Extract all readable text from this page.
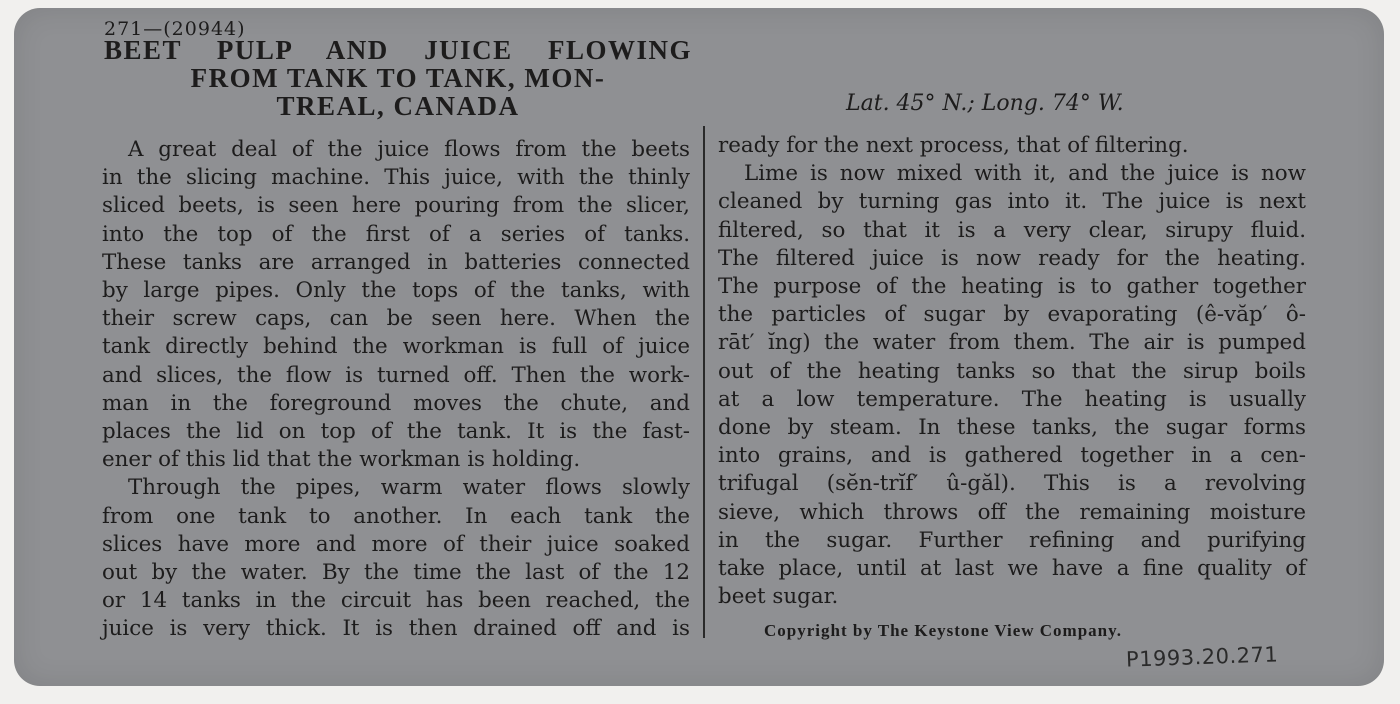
271—(20944)
BEET PULP AND JUICE FLOWING
FROM TANK TO TANK, MON-
TREAL, CANADA	Lat. 45° N.; Long. 74° W.
A great deal of the juice flows from the beets
in the slicing machine. This juice, with the thinly
sliced beets, is seen here pouring from the slicer,
into the top of the first of a series of tanks.
These tanks are arranged in batteries connected
by large pipes. Only the tops of the tanks, with
their screw caps, can be seen here. When the
tank directly behind the workman is full of juice
and slices, the flow is turned off. Then the work-
man in the foreground moves the chute, and
places the lid on top of the tank. It is the fast-
ener of this lid that the workman is holding.
Through the pipes, warm water flows slowly
from one tank to another. In each tank the
slices have more and more of their juice soaked
out by the water. By the time the last of the 12
or 14 tanks in the circuit has been reached, the
juice is very thick. It is then drained off and is
ready for the next process, that of filtering.
Lime is now mixed with it, and the juice is now
cleaned by turning gas into it. The juice is next
filtered, so that it is a very clear, sirupy fluid.
The filtered juice is now ready for the heating.
The purpose of the heating is to gather together
the particles of sugar by evaporating (ê-văp′ ô-
rāt′ ĭng) the water from them. The air is pumped
out of the heating tanks so that the sirup boils
at a low temperature. The heating is usually
done by steam. In these tanks, the sugar forms
into grains, and is gathered together in a cen-
trifugal (sĕn-trĭf′ û-găl). This is a revolving
sieve, which throws off the remaining moisture
in the sugar. Further refining and purifying
take place, until at last we have a fine quality of
beet sugar.
Copyright by The Keystone View Company.
P1993.20.271
